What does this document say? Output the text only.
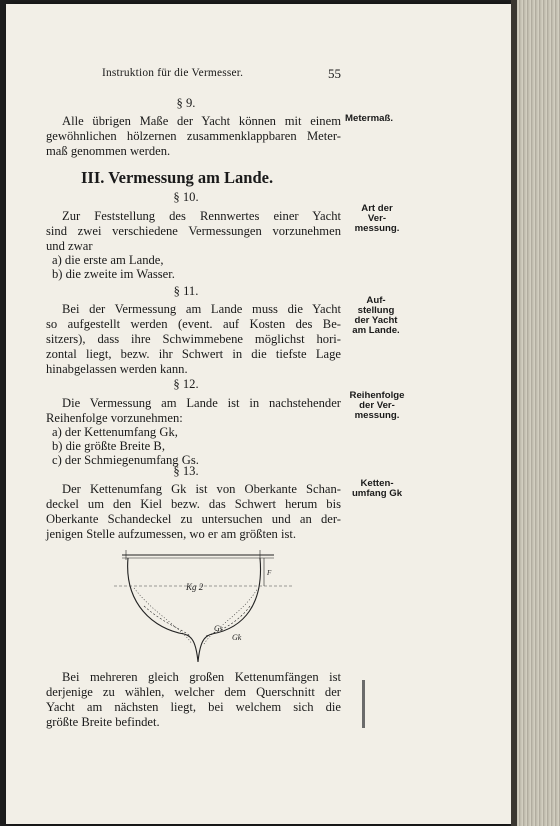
Instruktion für die Vermesser.	55
§ 9.
Alle übrigen Maße der Yacht können mit einem
gewöhnlichen hölzernen zusammenklappbaren Meter-
maß genommen werden.
Metermaß.
III. Vermessung am Lande.
§ 10.
Zur Feststellung des Rennwertes einer Yacht
sind zwei verschiedene Vermessungen vorzunehmen
und zwar
a) die erste am Lande,
b) die zweite im Wasser.
Art der
Ver-
messung.
§ 11.
Bei der Vermessung am Lande muss die Yacht
so aufgestellt werden (event. auf Kosten des Be-
sitzers), dass ihre Schwimmebene möglichst hori-
zontal liegt, bezw. ihr Schwert in die tiefste Lage
hinabgelassen werden kann.
Auf-
stellung
der Yacht
am Lande.
§ 12.
Die Vermessung am Lande ist in nachstehender
Reihenfolge vorzunehmen:
a) der Kettenumfang Gk,
b) die größte Breite B,
c) der Schmiegenumfang Gs.
Reihenfolge
der Ver-
messung.
§ 13.
Der Kettenumfang Gk ist von Oberkante Schan-
deckel um den Kiel bezw. das Schwert herum bis
Oberkante Schandeckel zu untersuchen und an der-
jenigen Stelle aufzumessen, wo er am größten ist.
Ketten-
umfang Gk
Kg 2
Gs
Gk
F
Bei mehreren gleich großen Kettenumfängen ist
derjenige zu wählen, welcher dem Querschnitt der
Yacht am nächsten liegt, bei welchem sich die
größte Breite befindet.
